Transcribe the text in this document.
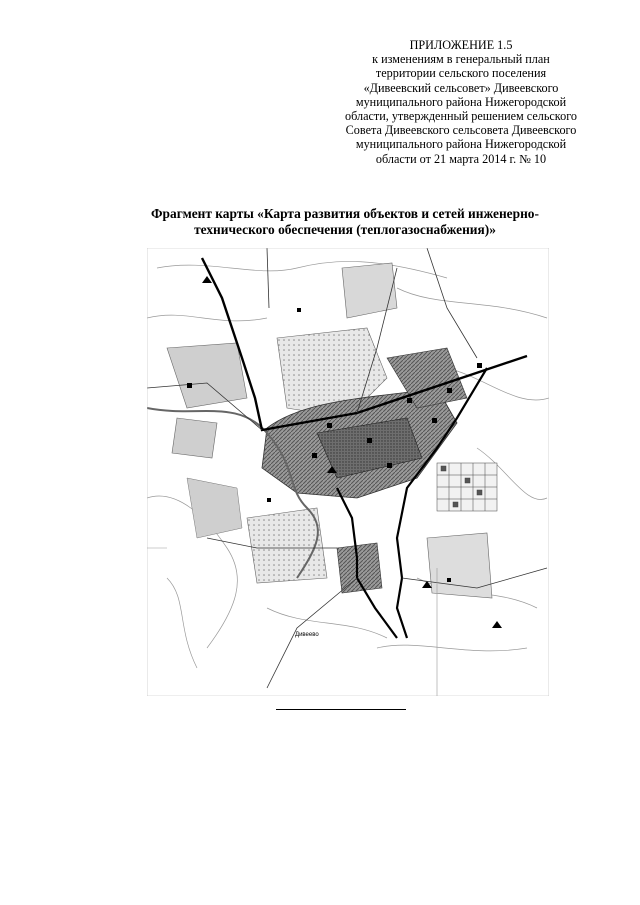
ПРИЛОЖЕНИЕ 1.5
к изменениям в генеральный план
территории сельского поселения
«Дивеевский сельсовет» Дивеевского
муниципального района Нижегородской
области, утвержденный решением сельского
Совета Дивеевского сельсовета Дивеевского
муниципального района Нижегородской
области от 21 марта 2014 г. № 10
Фрагмент карты «Карта развития объектов и сетей инженерно-
технического обеспечения (теплогазоснабжения)»
Дивеево
